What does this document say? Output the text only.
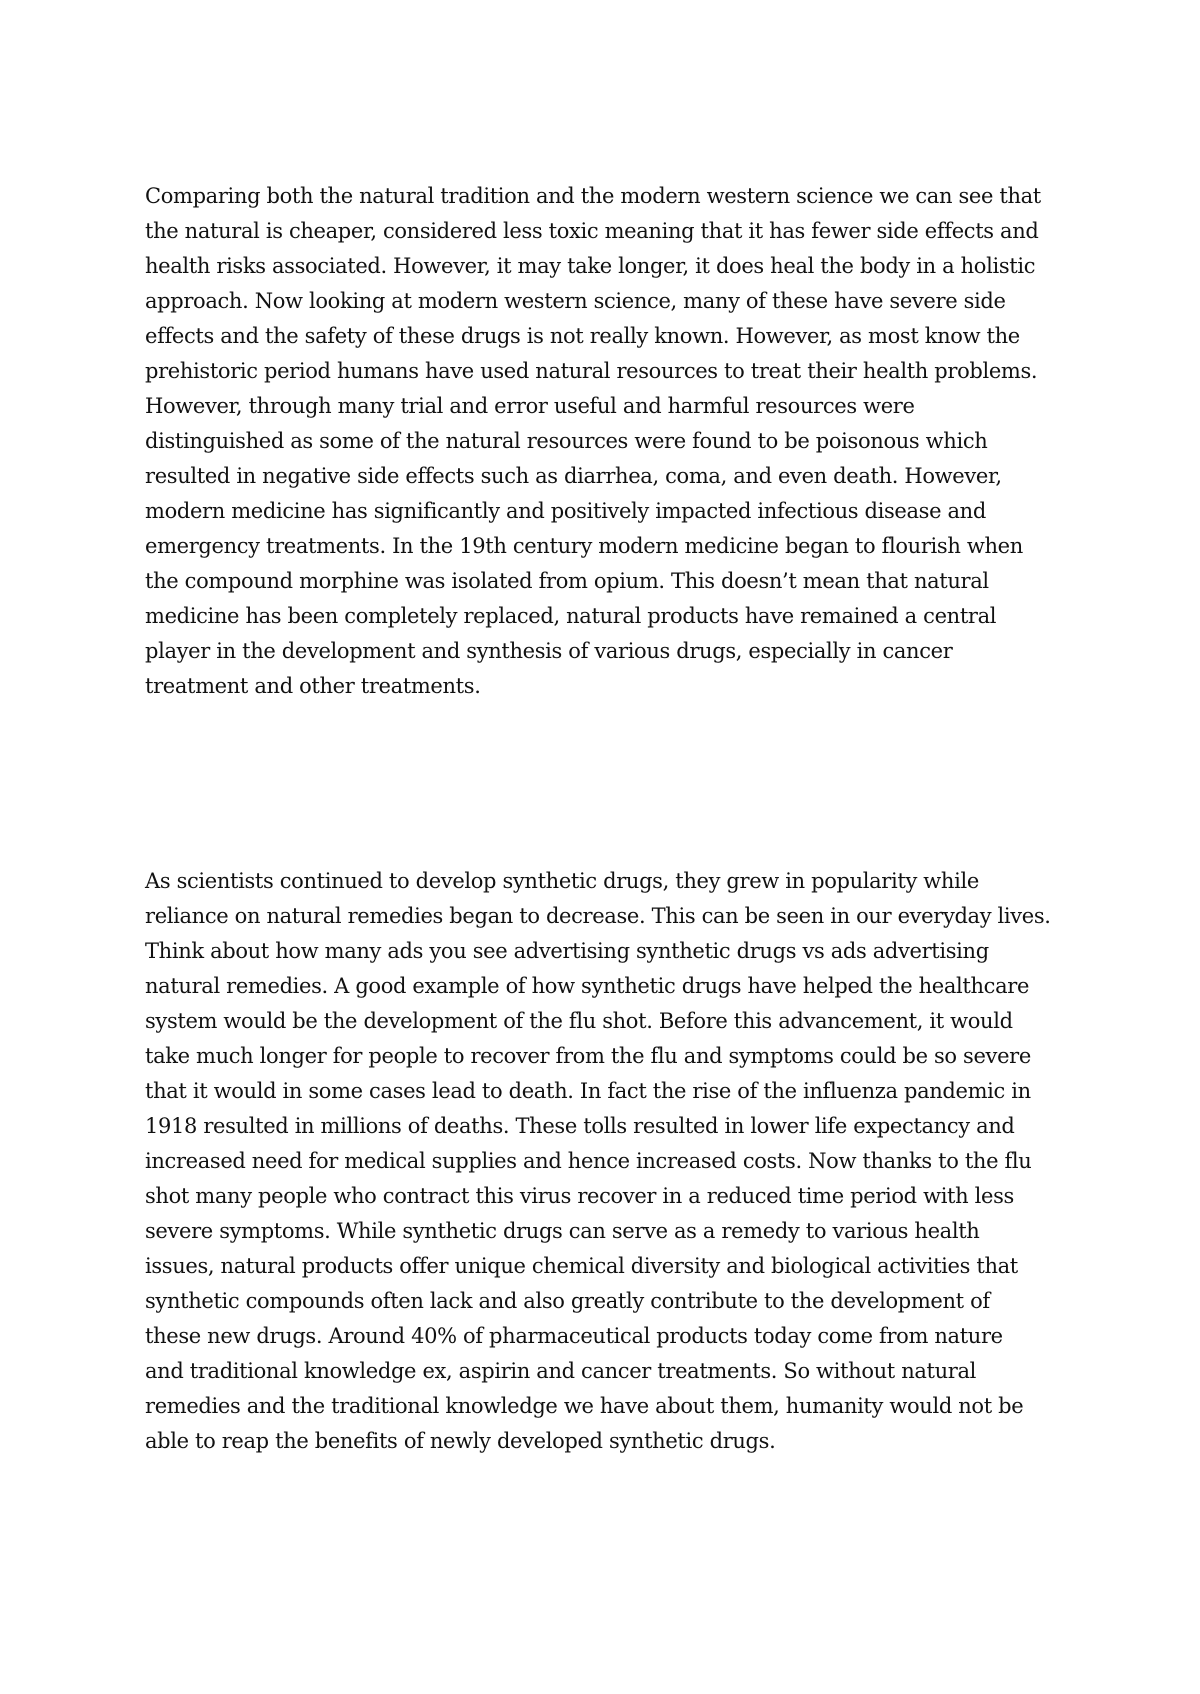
Comparing both the natural tradition and the modern western science we can see that

the natural is cheaper, considered less toxic meaning that it has fewer side effects and

health risks associated. However, it may take longer, it does heal the body in a holistic

approach. Now looking at modern western science, many of these have severe side

effects and the safety of these drugs is not really known. However, as most know the

prehistoric period humans have used natural resources to treat their health problems.

However, through many trial and error useful and harmful resources were

distinguished as some of the natural resources were found to be poisonous which

resulted in negative side effects such as diarrhea, coma, and even death. However,

modern medicine has significantly and positively impacted infectious disease and

emergency treatments. In the 19th century modern medicine began to flourish when

the compound morphine was isolated from opium. This doesn’t mean that natural

medicine has been completely replaced, natural products have remained a central

player in the development and synthesis of various drugs, especially in cancer

treatment and other treatments.

As scientists continued to develop synthetic drugs, they grew in popularity while

reliance on natural remedies began to decrease. This can be seen in our everyday lives.

Think about how many ads you see advertising synthetic drugs vs ads advertising

natural remedies. A good example of how synthetic drugs have helped the healthcare

system would be the development of the flu shot. Before this advancement, it would

take much longer for people to recover from the flu and symptoms could be so severe

that it would in some cases lead to death. In fact the rise of the influenza pandemic in

1918 resulted in millions of deaths. These tolls resulted in lower life expectancy and

increased need for medical supplies and hence increased costs. Now thanks to the flu

shot many people who contract this virus recover in a reduced time period with less

severe symptoms. While synthetic drugs can serve as a remedy to various health

issues, natural products offer unique chemical diversity and biological activities that

synthetic compounds often lack and also greatly contribute to the development of

these new drugs. Around 40% of pharmaceutical products today come from nature

and traditional knowledge ex, aspirin and cancer treatments. So without natural

remedies and the traditional knowledge we have about them, humanity would not be

able to reap the benefits of newly developed synthetic drugs.
